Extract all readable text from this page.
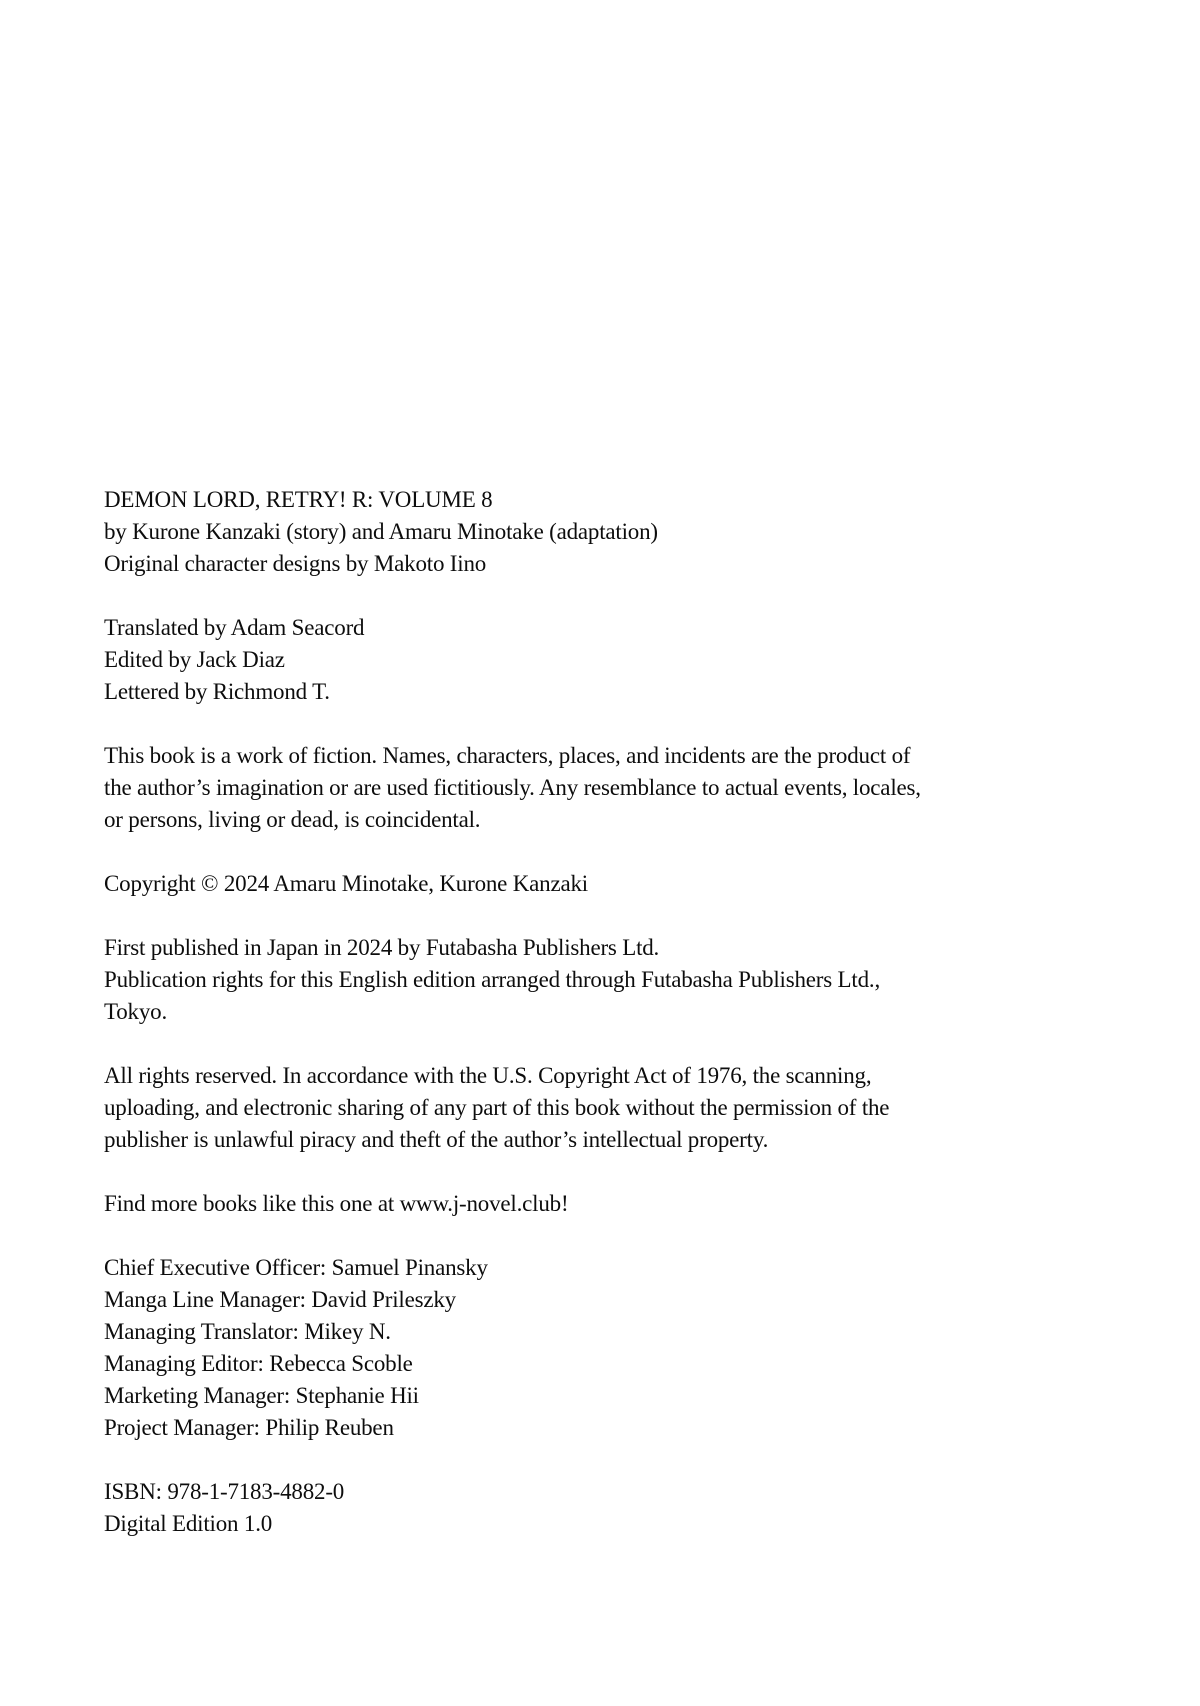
DEMON LORD, RETRY! R: VOLUME 8
by Kurone Kanzaki (story) and Amaru Minotake (adaptation)
Original character designs by Makoto Iino
Translated by Adam Seacord
Edited by Jack Diaz
Lettered by Richmond T.
This book is a work of fiction. Names, characters, places, and incidents are the product of
the author’s imagination or are used fictitiously. Any resemblance to actual events, locales,
or persons, living or dead, is coincidental.
Copyright © 2024 Amaru Minotake, Kurone Kanzaki
First published in Japan in 2024 by Futabasha Publishers Ltd.
Publication rights for this English edition arranged through Futabasha Publishers Ltd.,
Tokyo.
All rights reserved. In accordance with the U.S. Copyright Act of 1976, the scanning,
uploading, and electronic sharing of any part of this book without the permission of the
publisher is unlawful piracy and theft of the author’s intellectual property.
Find more books like this one at www.j-novel.club!
Chief Executive Officer: Samuel Pinansky
Manga Line Manager: David Prileszky
Managing Translator: Mikey N.
Managing Editor: Rebecca Scoble
Marketing Manager: Stephanie Hii
Project Manager: Philip Reuben
ISBN: 978-1-7183-4882-0
Digital Edition 1.0
